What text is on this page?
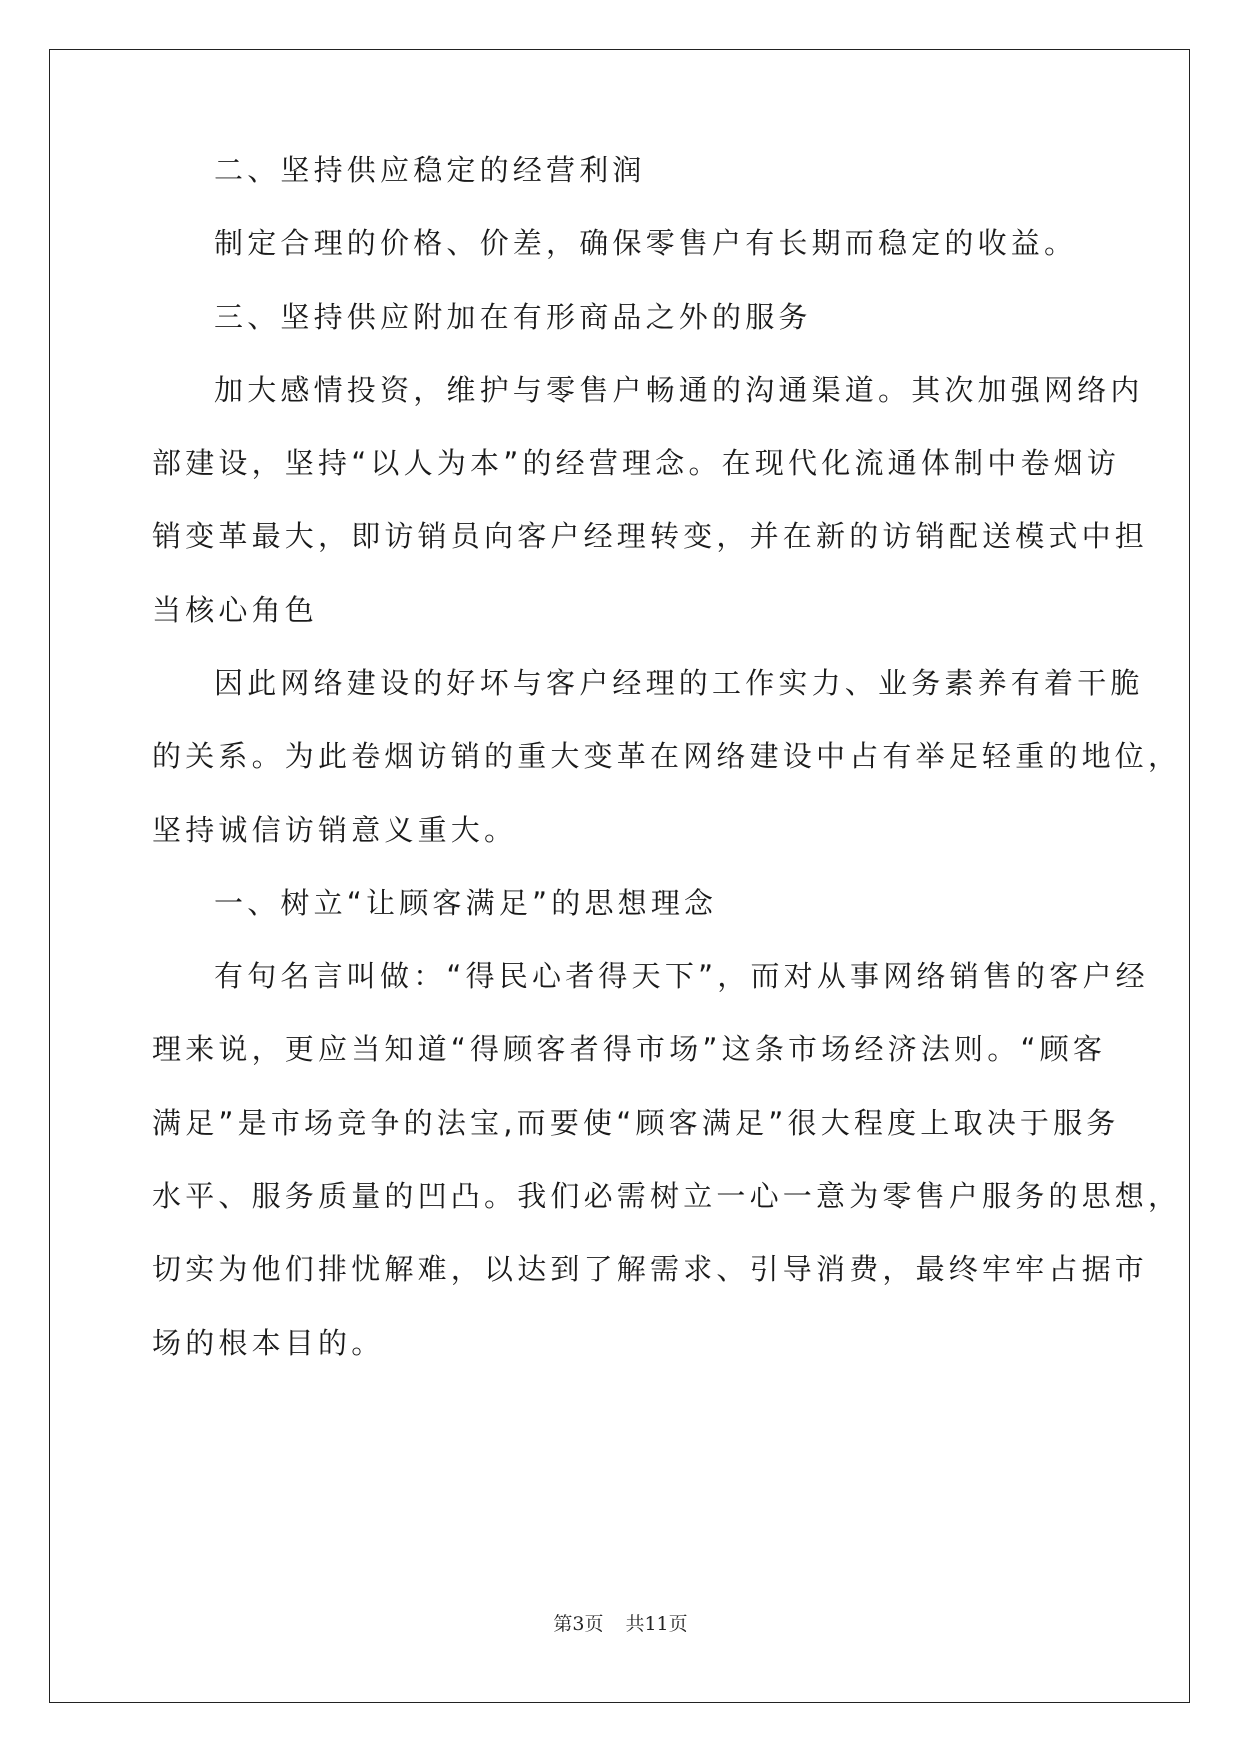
二、坚持供应稳定的经营利润
制定合理的价格、价差，确保零售户有长期而稳定的收益。
三、坚持供应附加在有形商品之外的服务
加大感情投资，维护与零售户畅通的沟通渠道。其次加强网络内
部建设，坚持“以人为本”的经营理念。在现代化流通体制中卷烟访
销变革最大，即访销员向客户经理转变，并在新的访销配送模式中担
当核心角色
因此网络建设的好坏与客户经理的工作实力、业务素养有着干脆
的关系。为此卷烟访销的重大变革在网络建设中占有举足轻重的地位，
坚持诚信访销意义重大。
一、树立“让顾客满足”的思想理念
有句名言叫做：“得民心者得天下”，而对从事网络销售的客户经
理来说，更应当知道“得顾客者得市场”这条市场经济法则。“顾客
满足”是市场竞争的法宝,而要使“顾客满足”很大程度上取决于服务
水平、服务质量的凹凸。我们必需树立一心一意为零售户服务的思想，
切实为他们排忧解难，以达到了解需求、引导消费，最终牢牢占据市
场的根本目的。
第3页 共11页
